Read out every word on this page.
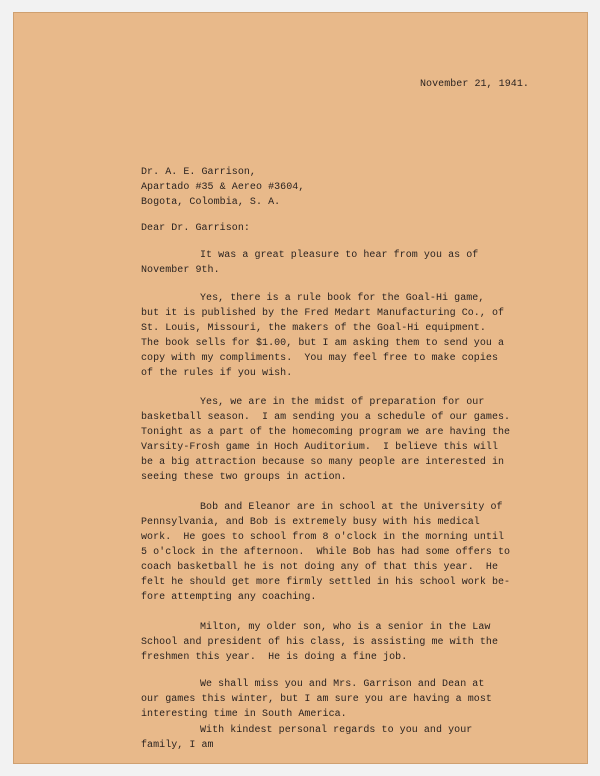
November 21, 1941.
Dr. A. E. Garrison,
Apartado #35 & Aereo #3604,
Bogota, Colombia, S. A.
Dear Dr. Garrison:
It was a great pleasure to hear from you as of
November 9th.
Yes, there is a rule book for the Goal-Hi game,
but it is published by the Fred Medart Manufacturing Co., of
St. Louis, Missouri, the makers of the Goal-Hi equipment.
The book sells for $1.00, but I am asking them to send you a
copy with my compliments.  You may feel free to make copies
of the rules if you wish.
Yes, we are in the midst of preparation for our
basketball season.  I am sending you a schedule of our games.
Tonight as a part of the homecoming program we are having the
Varsity-Frosh game in Hoch Auditorium.  I believe this will
be a big attraction because so many people are interested in
seeing these two groups in action.
Bob and Eleanor are in school at the University of
Pennsylvania, and Bob is extremely busy with his medical
work.  He goes to school from 8 o'clock in the morning until
5 o'clock in the afternoon.  While Bob has had some offers to
coach basketball he is not doing any of that this year.  He
felt he should get more firmly settled in his school work be-
fore attempting any coaching.
Milton, my older son, who is a senior in the Law
School and president of his class, is assisting me with the
freshmen this year.  He is doing a fine job.
We shall miss you and Mrs. Garrison and Dean at
our games this winter, but I am sure you are having a most
interesting time in South America.
With kindest personal regards to you and your
family, I am
